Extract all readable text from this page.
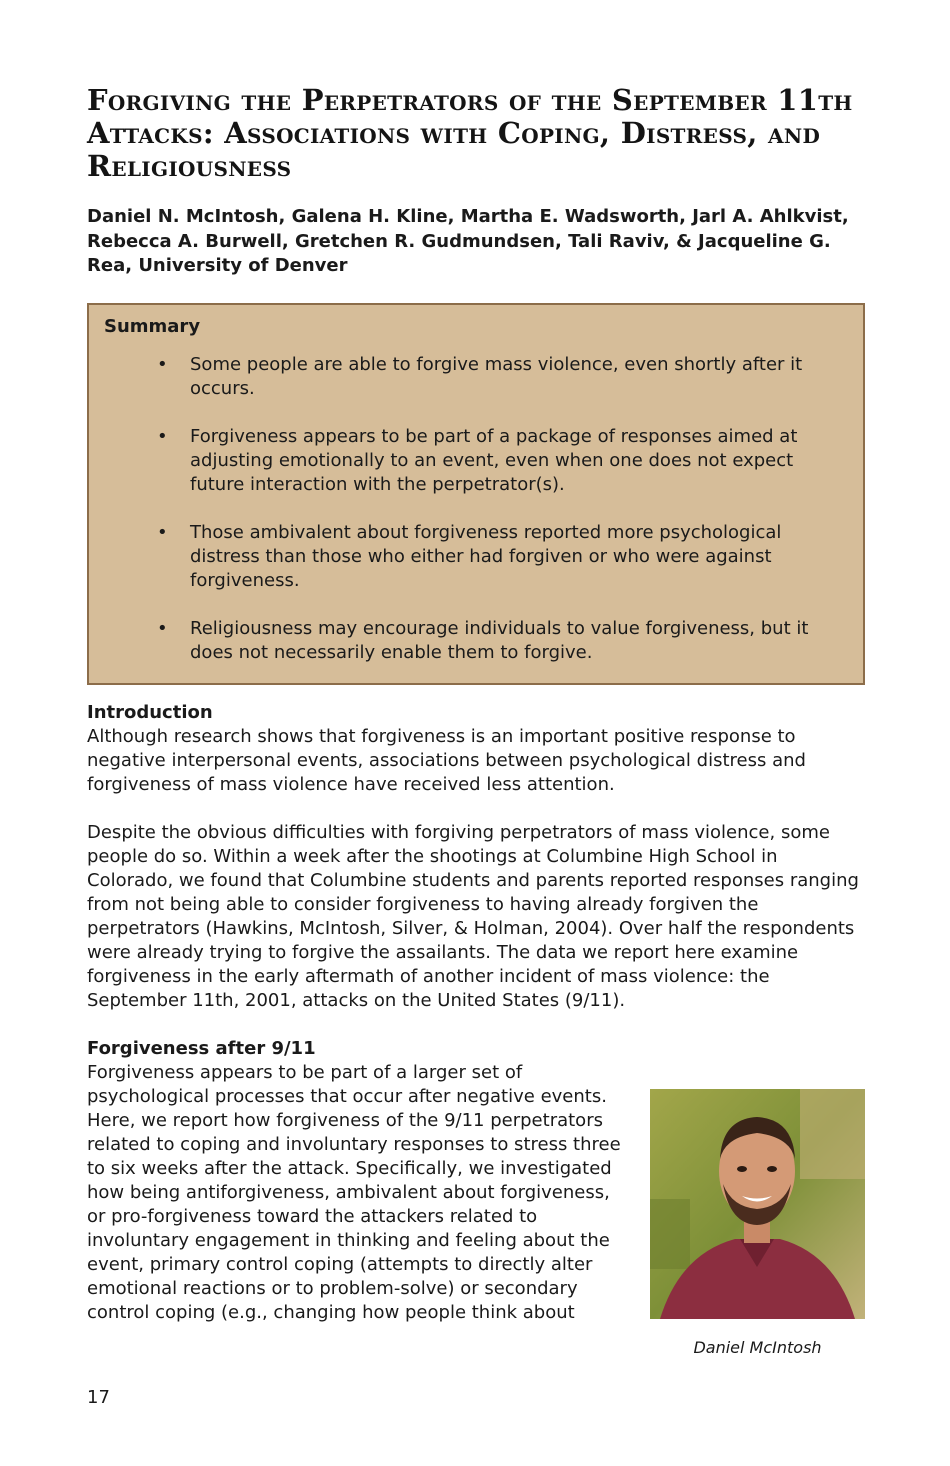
Forgiving the Perpetrators of the September 11th Attacks: Associations with Coping, Distress, and Religiousness

Daniel N. McIntosh, Galena H. Kline, Martha E. Wadsworth, Jarl A. Ahlkvist, Rebecca A. Burwell, Gretchen R. Gudmundsen, Tali Raviv, & Jacqueline G. Rea, University of Denver

Summary

• Some people are able to forgive mass violence, even shortly after it occurs.
• Forgiveness appears to be part of a package of responses aimed at adjusting emotionally to an event, even when one does not expect future interaction with the perpetrator(s).
• Those ambivalent about forgiveness reported more psychological distress than those who either had forgiven or who were against forgiveness.
• Religiousness may encourage individuals to value forgiveness, but it does not necessarily enable them to forgive.
Introduction

Although research shows that forgiveness is an important positive response to negative interpersonal events, associations between psychological distress and forgiveness of mass violence have received less attention.

Despite the obvious difficulties with forgiving perpetrators of mass violence, some people do so. Within a week after the shootings at Columbine High School in Colorado, we found that Columbine students and parents reported responses ranging from not being able to consider forgiveness to having already forgiven the perpetrators (Hawkins, McIntosh, Silver, & Holman, 2004). Over half the respondents were already trying to forgive the assailants. The data we report here examine forgiveness in the early aftermath of another incident of mass violence: the September 11th, 2001, attacks on the United States (9/11).

Forgiveness after 9/11

Forgiveness appears to be part of a larger set of psychological processes that occur after negative events. Here, we report how forgiveness of the 9/11 perpetrators related to coping and involuntary responses to stress three to six weeks after the attack. Specifically, we investigated how being antiforgiveness, ambivalent about forgiveness, or pro-forgiveness toward the attackers related to involuntary engagement in thinking and feeling about the event, primary control coping (attempts to directly alter emotional reactions or to problem-solve) or secondary control coping (e.g., changing how people think about

Daniel McIntosh
17
